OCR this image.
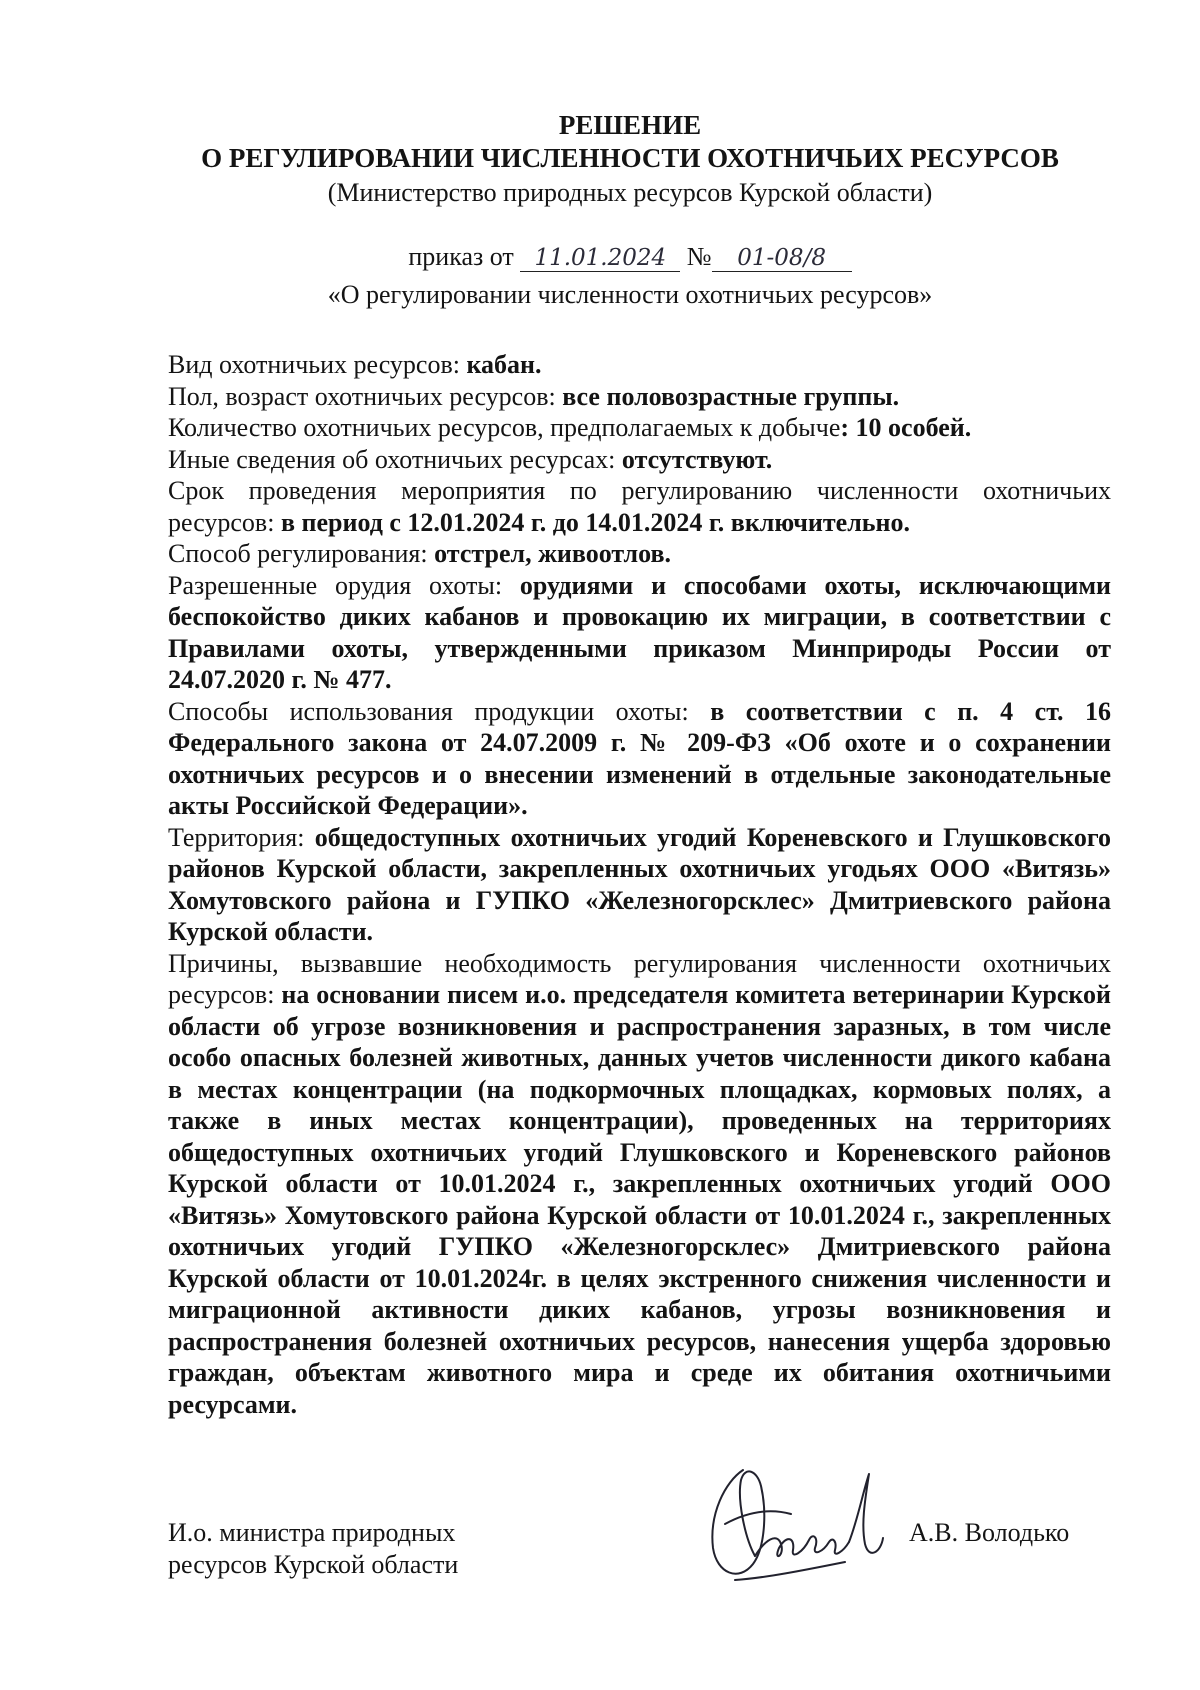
РЕШЕНИЕ
О РЕГУЛИРОВАНИИ ЧИСЛЕННОСТИ ОХОТНИЧЬИХ РЕСУРСОВ
(Министерство природных ресурсов Курской области)
приказ от 11.01.2024 № 01-08/8
«О регулировании численности охотничьих ресурсов»

Вид охотничьих ресурсов: кабан.

Пол, возраст охотничьих ресурсов: все половозрастные группы.

Количество охотничьих ресурсов, предполагаемых к добыче: 10 особей.

Иные сведения об охотничьих ресурсах: отсутствуют.

Срок проведения мероприятия по регулированию численности охотничьих ресурсов: в период с 12.01.2024 г. до 14.01.2024 г. включительно.

Способ регулирования: отстрел, живоотлов.

Разрешенные орудия охоты: орудиями и способами охоты, исключающими беспокойство диких кабанов и провокацию их миграции, в соответствии с Правилами охоты, утвержденными приказом Минприроды России от 24.07.2020 г. № 477.

Способы использования продукции охоты: в соответствии с п. 4 ст. 16 Федерального закона от 24.07.2009 г. № 209-ФЗ «Об охоте и о сохранении охотничьих ресурсов и о внесении изменений в отдельные законодательные акты Российской Федерации».

Территория: общедоступных охотничьих угодий Кореневского и Глушковского районов Курской области, закрепленных охотничьих угодьях ООО «Витязь» Хомутовского района и ГУПКО «Железногорсклес» Дмитриевского района Курской области.

Причины, вызвавшие необходимость регулирования численности охотничьих ресурсов: на основании писем и.о. председателя комитета ветеринарии Курской области об угрозе возникновения и распространения заразных, в том числе особо опасных болезней животных, данных учетов численности дикого кабана в местах концентрации (на подкормочных площадках, кормовых полях, а также в иных местах концентрации), проведенных на территориях общедоступных охотничьих угодий Глушковского и Кореневского районов Курской области от 10.01.2024 г., закрепленных охотничьих угодий ООО «Витязь» Хомутовского района Курской области от 10.01.2024 г., закрепленных охотничьих угодий ГУПКО «Железногорсклес» Дмитриевского района Курской области от 10.01.2024г. в целях экстренного снижения численности и миграционной активности диких кабанов, угрозы возникновения и распространения болезней охотничьих ресурсов, нанесения ущерба здоровью граждан, объектам животного мира и среде их обитания охотничьими ресурсами.

И.о. министра природных
ресурсов Курской области
А.В. Володько
